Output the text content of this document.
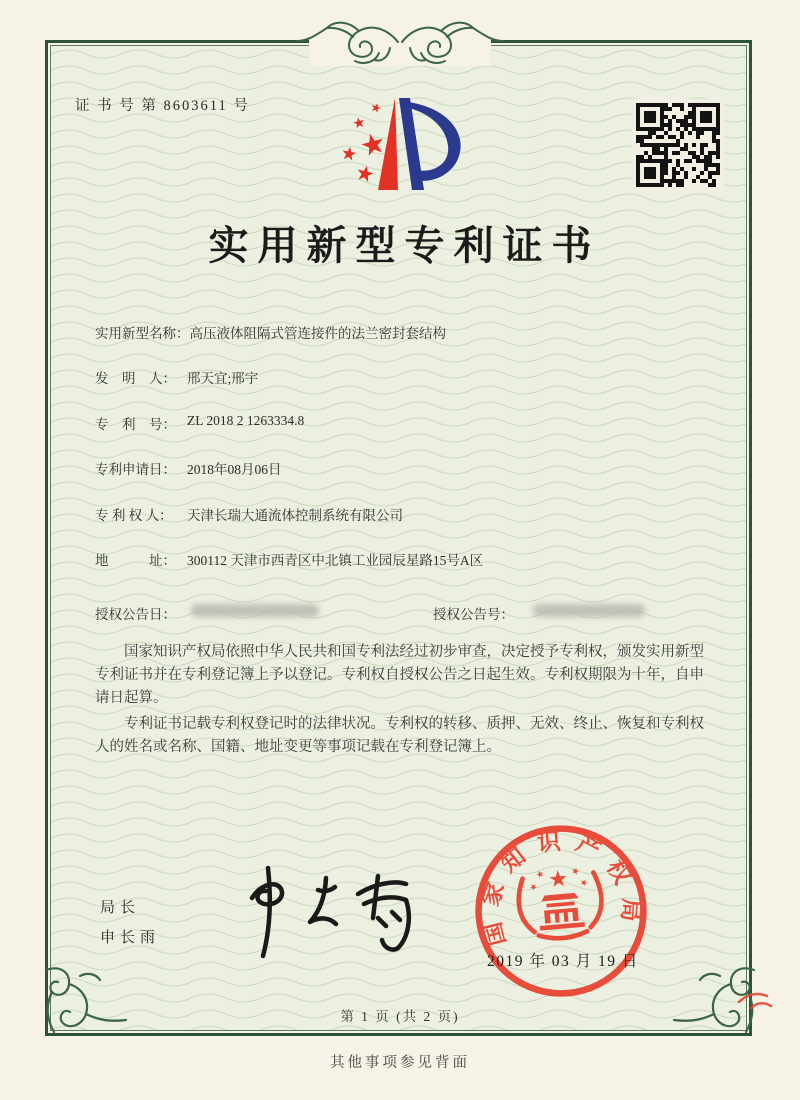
证 书 号 第 8603611 号
实用新型专利证书
实用新型名称： 高压液体阻隔式管连接件的法兰密封套结构
发　明　人： 邢天宜;邢宇
专　利　号： ZL 2018 2 1263334.8
专利申请日： 2018年08月06日
专 利 权 人：	天津长瑞大通流体控制系统有限公司
地　　　址： 300112 天津市西青区中北镇工业园辰星路15号A区
授权公告日：	授权公告号：

国家知识产权局依照中华人民共和国专利法经过初步审查，决定授予专利权，颁发实用新型专利证书并在专利登记簿上予以登记。专利权自授权公告之日起生效。专利权期限为十年，自申请日起算。

专利证书记载专利权登记时的法律状况。专利权的转移、质押、无效、终止、恢复和专利权人的姓名或名称、国籍、地址变更等事项记载在专利登记簿上。

局长
申长雨	国家知识产权局
2019 年 03 月 19 日
第 1 页 (共 2 页)
其他事项参见背面
